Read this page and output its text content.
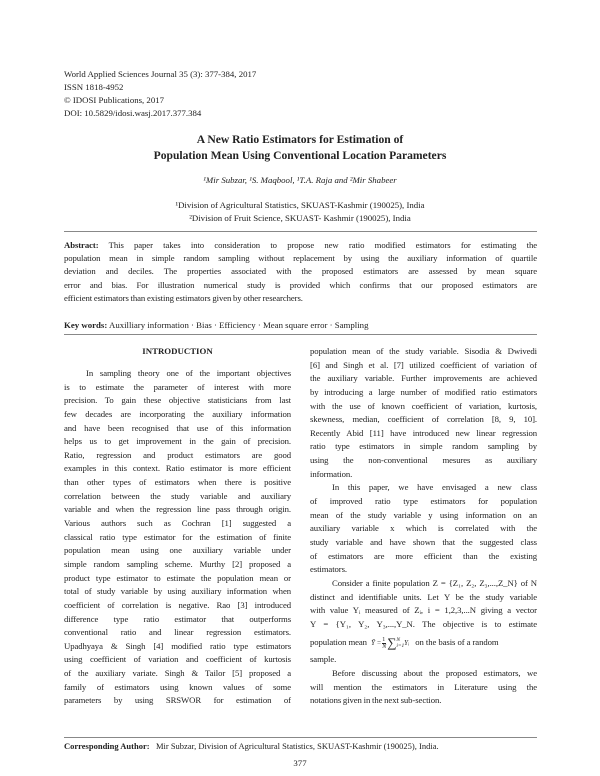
World Applied Sciences Journal 35 (3): 377-384, 2017
ISSN 1818-4952
© IDOSI Publications, 2017
DOI: 10.5829/idosi.wasj.2017.377.384
A New Ratio Estimators for Estimation of
Population Mean Using Conventional Location Parameters
¹Mir Subzar, ¹S. Maqbool, ¹T.A. Raja and ²Mir Shabeer
¹Division of Agricultural Statistics, SKUAST-Kashmir (190025), India
²Division of Fruit Science, SKUAST- Kashmir (190025), India
Abstract: This paper takes into consideration to propose new ratio modified estimators for estimating the
population mean in simple random sampling without replacement by using the auxiliary information of quartile
deviation and deciles. The properties associated with the proposed estimators are assessed by mean square
error and bias. For illustration numerical study is provided which confirms that our proposed estimators are
efficient estimators than existing estimators given by other researchers.
Key words: Auxilliary information · Bias · Efficiency · Mean square error · Sampling
INTRODUCTION
In sampling theory one of the important objectives
is to estimate the parameter of interest with more
precision. To gain these objective statisticians from last
few decades are incorporating the auxiliary information
and have been recognised that use of this information
helps us to get improvement in the gain of precision.
Ratio, regression and product estimators are good
examples in this context. Ratio estimator is more efficient
than other types of estimators when there is positive
correlation between the study variable and auxiliary
variable and when the regression line pass through origin.
Various authors such as Cochran [1] suggested a
classical ratio type estimator for the estimation of finite
population mean using one auxiliary variable under
simple random sampling scheme. Murthy [2] proposed a
product type estimator to estimate the population mean or
total of study variable by using auxiliary information when
coefficient of correlation is negative. Rao [3] introduced
difference type ratio estimator that outperforms
conventional ratio and linear regression estimators.
Upadhyaya & Singh [4] modified ratio type estimators
using coefficient of variation and coefficient of kurtosis
of the auxiliary variate. Singh & Tailor [5] proposed a
family of estimators using known values of some
parameters by using SRSWOR for estimation of
population mean of the study variable. Sisodia & Dwivedi
[6] and Singh et al. [7] utilized coefficient of variation of
the auxiliary variable. Further improvements are achieved
by introducing a large number of modified ratio estimators
with the use of known coefficient of variation, kurtosis,
skewness, median, coefficient of correlation [8, 9, 10].
Recently Abid [11] have introduced new linear regression
ratio type estimators in simple random sampling by
using the non-conventional mesures as auxiliary
information.
In this paper, we have envisaged a new class
of improved ratio type estimators for population
mean of the study variable y using information on an
auxiliary variable x which is correlated with the
study variable and have shown that the suggested class
of estimators are more efficient than the existing
estimators.
Consider a finite population Z = {Z₁, Z₂, Z₃,...,Z_N} of N
distinct and identifiable units. Let Y be the study variable
with value Yᵢ measured of Zᵢ, i = 1,2,3,...N giving a vector
Y = {Y₁, Y₂, Y₃,...,Y_N. The objective is to estimate
population mean Ȳ = $\frac{1}{N}$ ∑ N
i=1 Yᵢ on the basis of a random
sample.
Before discussing about the proposed estimators, we
will mention the estimators in Literature using the
notations given in the next sub-section.
Corresponding Author: Mir Subzar, Division of Agricultural Statistics, SKUAST-Kashmir (190025), India.
377
